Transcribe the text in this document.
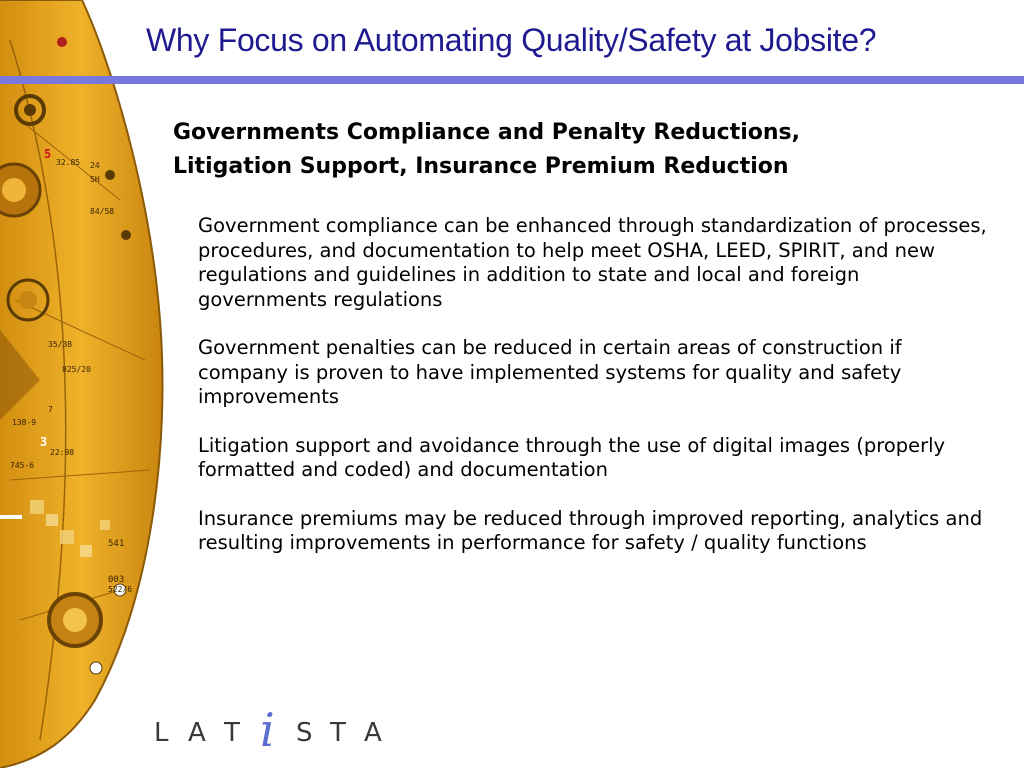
5
32.85 24
SH
84/58
35/38
825/20
138-9
7
745-6
3
22:98
541
003
522/6
Why Focus on Automating Quality/Safety at Jobsite?
Governments Compliance and Penalty Reductions,
Litigation Support, Insurance Premium Reduction

Government compliance can be enhanced through standardization of processes, procedures, and documentation to help meet OSHA, LEED, SPIRIT, and new regulations and guidelines in addition to state and local and foreign governments regulations

Government penalties can be reduced in certain areas of construction if company is proven to have implemented systems for quality and safety improvements

Litigation support and avoidance through the use of digital images (properly formatted and coded) and documentation

Insurance premiums may be reduced through improved reporting, analytics and resulting improvements in performance for safety / quality functions

L A T i S T A
